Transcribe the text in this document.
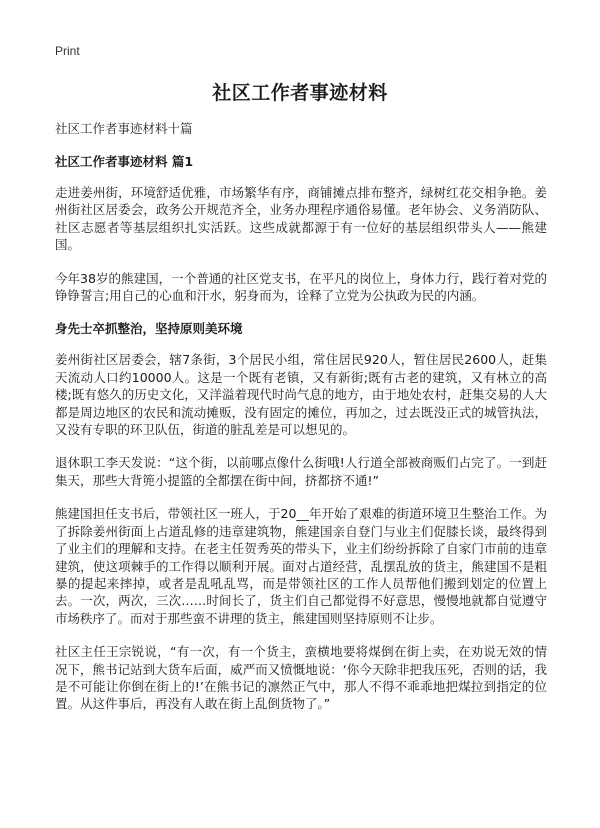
Print
社区工作者事迹材料
社区工作者事迹材料十篇
社区工作者事迹材料 篇1

走进姜州街，环境舒适优雅，市场繁华有序，商铺摊点排布整齐，绿树红花交相争艳。姜州街社区居委会，政务公开规范齐全，业务办理程序通俗易懂。老年协会、义务消防队、社区志愿者等基层组织扎实活跃。这些成就都源于有一位好的基层组织带头人——熊建国。

今年38岁的熊建国，一个普通的社区党支书，在平凡的岗位上，身体力行，践行着对党的铮铮誓言;用自己的心血和汗水，躬身而为，诠释了立党为公执政为民的内涵。

身先士卒抓整治，坚持原则美环境

姜州街社区居委会，辖7条街，3个居民小组，常住居民920人，暂住居民2600人，赶集天流动人口约10000人。这是一个既有老镇，又有新街;既有古老的建筑，又有林立的高楼;既有悠久的历史文化，又洋溢着现代时尚气息的地方，由于地处农村，赶集交易的人大都是周边地区的农民和流动摊贩，没有固定的摊位，再加之，过去既没正式的城管执法，又没有专职的环卫队伍，街道的脏乱差是可以想见的。

退休职工李天发说：“这个街，以前哪点像什么街哦!人行道全部被商贩们占完了。一到赶集天，那些大背篼小提篮的全都摆在街中间，挤都挤不通!”

熊建国担任支书后，带领社区一班人，于20__年开始了艰难的街道环境卫生整治工作。为了拆除姜州街面上占道乱修的违章建筑物，熊建国亲自登门与业主们促膝长谈，最终得到了业主们的理解和支持。在老主任贺秀英的带头下，业主们纷纷拆除了自家门市前的违章建筑，使这项棘手的工作得以顺利开展。面对占道经营，乱摆乱放的货主，熊建国不是粗暴的提起来摔掉，或者是乱吼乱骂，而是带领社区的工作人员帮他们搬到划定的位置上去。一次，两次，三次……时间长了，货主们自己都觉得不好意思，慢慢地就都自觉遵守市场秩序了。而对于那些蛮不讲理的货主，熊建国则坚持原则不让步。

社区主任王宗锐说，“有一次，有一个货主，蛮横地要将煤倒在街上卖，在劝说无效的情况下，熊书记站到大货车后面，威严而又愤慨地说：‘你今天除非把我压死，否则的话，我是不可能让你倒在街上的!’在熊书记的凛然正气中，那人不得不乖乖地把煤拉到指定的位置。从这件事后，再没有人敢在街上乱倒货物了。”
